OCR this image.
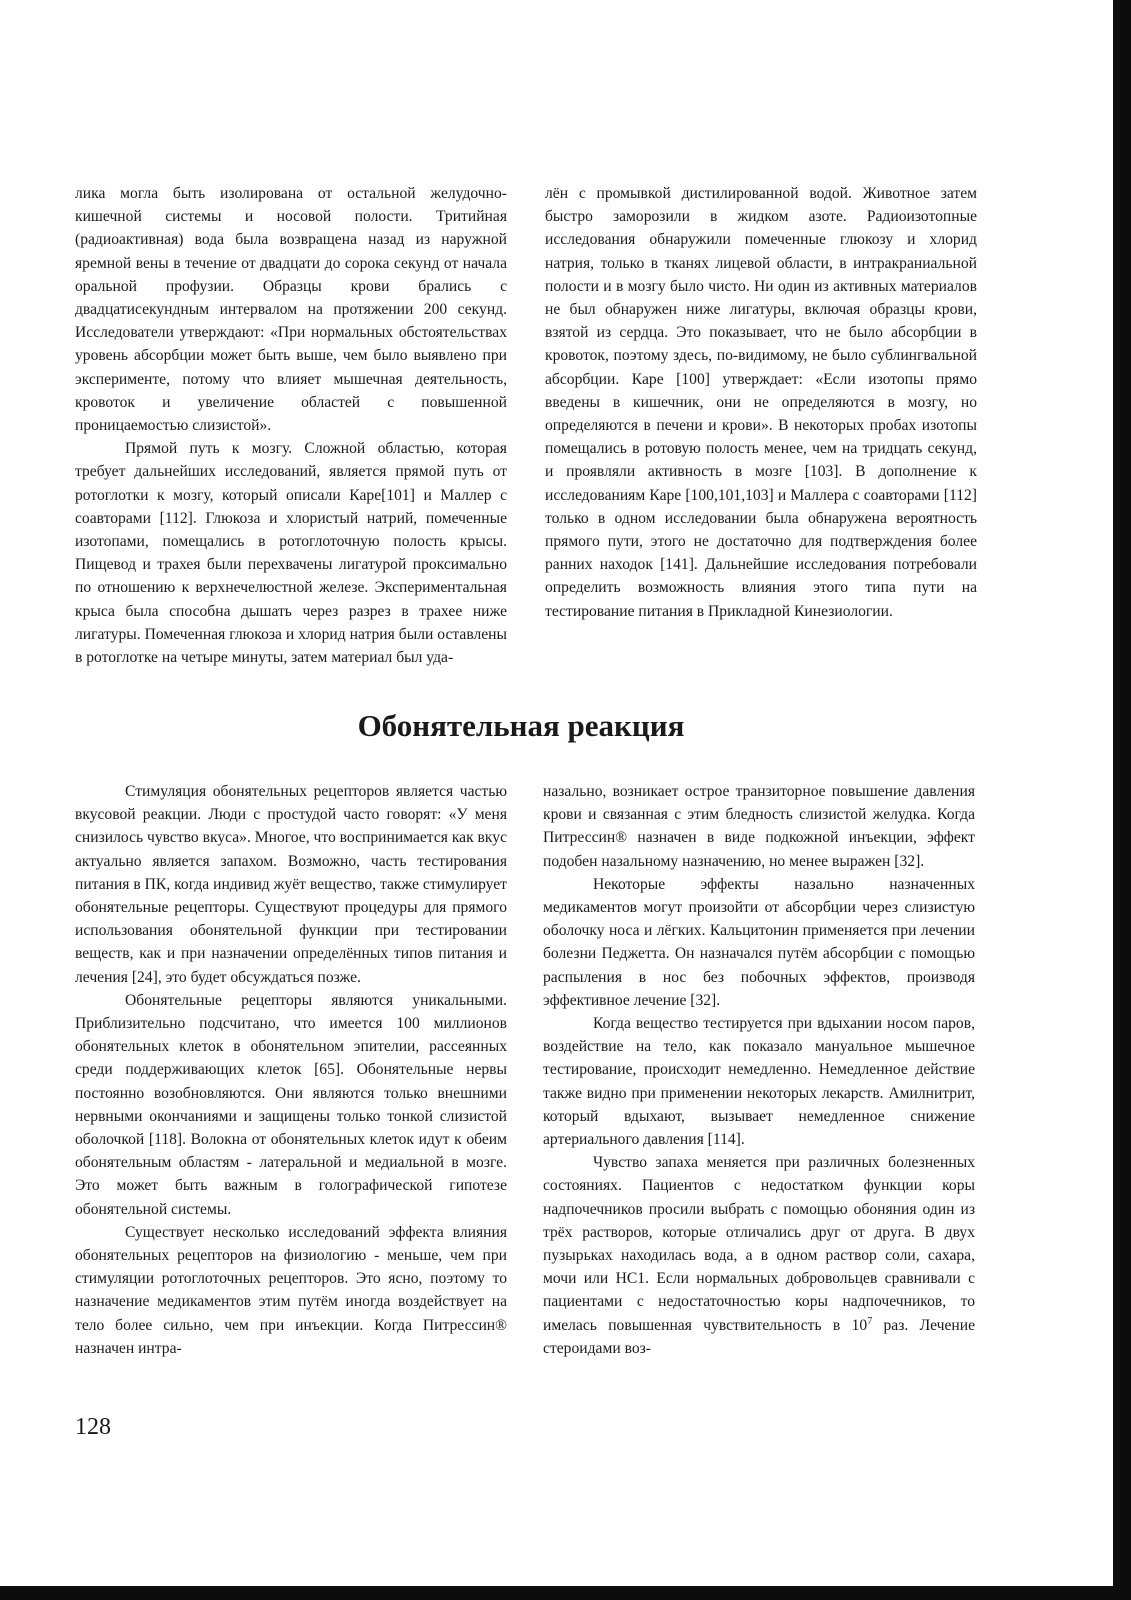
лика могла быть изолирована от остальной желудочно-кишечной системы и носовой полости. Тритийная (радиоактивная) вода была возвращена назад из наружной яремной вены в течение от двадцати до сорока секунд от начала оральной профузии. Образцы крови брались с двадцатисекундным интервалом на протяжении 200 секунд. Исследователи утверждают: «При нормальных обстоятельствах уровень абсорбции может быть выше, чем было выявлено при эксперименте, потому что влияет мышечная деятельность, кровоток и увеличение областей с повышенной проницаемостью слизистой».

Прямой путь к мозгу. Сложной областью, которая требует дальнейших исследований, является прямой путь от ротоглотки к мозгу, который описали Каре[101] и Маллер с соавторами [112]. Глюкоза и хлористый натрий, помеченные изотопами, помещались в ротоглоточную полость крысы. Пищевод и трахея были перехвачены лигатурой проксимально по отношению к верхнечелюстной железе. Экспериментальная крыса была способна дышать через разрез в трахее ниже лигатуры. Помеченная глюкоза и хлорид натрия были оставлены в ротоглотке на четыре минуты, затем материал был уда-

лён с промывкой дистилированной водой. Животное затем быстро заморозили в жидком азоте. Радиоизотопные исследования обнаружили помеченные глюкозу и хлорид натрия, только в тканях лицевой области, в интракраниальной полости и в мозгу было чисто. Ни один из активных материалов не был обнаружен ниже лигатуры, включая образцы крови, взятой из сердца. Это показывает, что не было абсорбции в кровоток, поэтому здесь, по-видимому, не было сублингвальной абсорбции. Каре [100] утверждает: «Если изотопы прямо введены в кишечник, они не определяются в мозгу, но определяются в печени и крови». В некоторых пробах изотопы помещались в ротовую полость менее, чем на тридцать секунд, и проявляли активность в мозге [103]. В дополнение к исследованиям Каре [100,101,103] и Маллера с соавторами [112] только в одном исследовании была обнаружена вероятность прямого пути, этого не достаточно для подтверждения более ранних находок [141]. Дальнейшие исследования потребовали определить возможность влияния этого типа пути на тестирование питания в Прикладной Кинезиологии.

Обонятельная реакция

Стимуляция обонятельных рецепторов является частью вкусовой реакции. Люди с простудой часто говорят: «У меня снизилось чувство вкуса». Многое, что воспринимается как вкус актуально является запахом. Возможно, часть тестирования питания в ПК, когда индивид жуёт вещество, также стимулирует обонятельные рецепторы. Существуют процедуры для прямого использования обонятельной функции при тестировании веществ, как и при назначении определённых типов питания и лечения [24], это будет обсуждаться позже.

Обонятельные рецепторы являются уникальными. Приблизительно подсчитано, что имеется 100 миллионов обонятельных клеток в обонятельном эпителии, рассеянных среди поддерживающих клеток [65]. Обонятельные нервы постоянно возобновляются. Они являются только внешними нервными окончаниями и защищены только тонкой слизистой оболочкой [118]. Волокна от обонятельных клеток идут к обеим обонятельным областям - латеральной и медиальной в мозге. Это может быть важным в голографической гипотезе обонятельной системы.

Существует несколько исследований эффекта влияния обонятельных рецепторов на физиологию - меньше, чем при стимуляции ротоглоточных рецепторов. Это ясно, поэтому то назначение медикаментов этим путём иногда воздействует на тело более сильно, чем при инъекции. Когда Питрессин® назначен интра-

назально, возникает острое транзиторное повышение давления крови и связанная с этим бледность слизистой желудка. Когда Питрессин® назначен в виде подкожной инъекции, эффект подобен назальному назначению, но менее выражен [32].

Некоторые эффекты назально назначенных медикаментов могут произойти от абсорбции через слизистую оболочку носа и лёгких. Кальцитонин применяется при лечении болезни Педжетта. Он назначался путём абсорбции с помощью распыления в нос без побочных эффектов, производя эффективное лечение [32].

Когда вещество тестируется при вдыхании носом паров, воздействие на тело, как показало мануальное мышечное тестирование, происходит немедленно. Немедленное действие также видно при применении некоторых лекарств. Амилнитрит, который вдыхают, вызывает немедленное снижение артериального давления [114].

Чувство запаха меняется при различных болезненных состояниях. Пациентов с недостатком функции коры надпочечников просили выбрать с помощью обоняния один из трёх растворов, которые отличались друг от друга. В двух пузырьках находилась вода, а в одном раствор соли, сахара, мочи или HC1. Если нормальных добровольцев сравнивали с пациентами с недостаточностью коры надпочечников, то имелась повышенная чувствительность в $10^7$ раз. Лечение стероидами воз-

128
